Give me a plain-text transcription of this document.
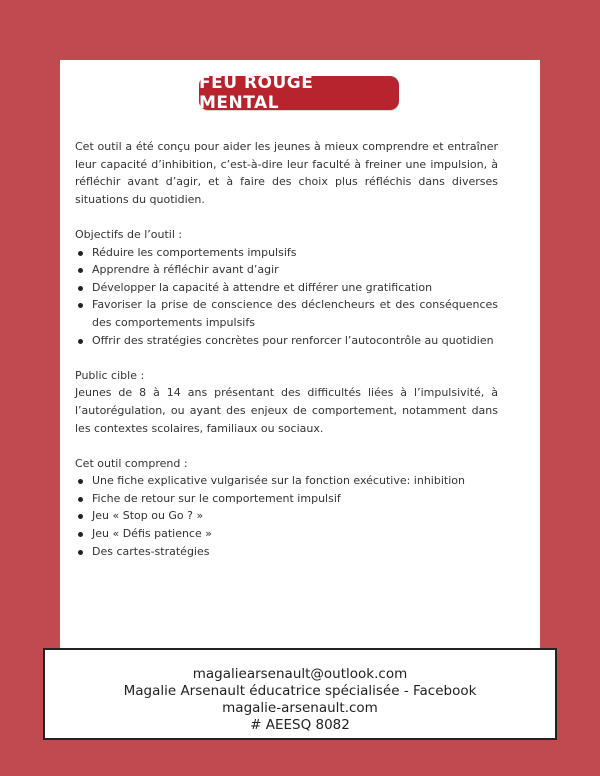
FEU ROUGE MENTAL

Cet outil a été conçu pour aider les jeunes à mieux comprendre et entraîner leur capacité d’inhibition, c’est-à-dire leur faculté à freiner une impulsion, à réfléchir avant d’agir, et à faire des choix plus réfléchis dans diverses situations du quotidien.

Objectifs de l’outil :

Réduire les comportements impulsifs
Apprendre à réfléchir avant d’agir
Développer la capacité à attendre et différer une gratification
Favoriser la prise de conscience des déclencheurs et des conséquences des comportements impulsifs
Offrir des stratégies concrètes pour renforcer l’autocontrôle au quotidien

Public cible :

Jeunes de 8 à 14 ans présentant des difficultés liées à l’impulsivité, à l’autorégulation, ou ayant des enjeux de comportement, notamment dans les contextes scolaires, familiaux ou sociaux.

Cet outil comprend :

Une fiche explicative vulgarisée sur la fonction exécutive: inhibition
Fiche de retour sur le comportement impulsif
Jeu « Stop ou Go ? »
Jeu « Défis patience »
Des cartes-stratégies
magaliearsenault@outlook.com
Magalie Arsenault éducatrice spécialisée - Facebook
magalie-arsenault.com
# AEESQ 8082
